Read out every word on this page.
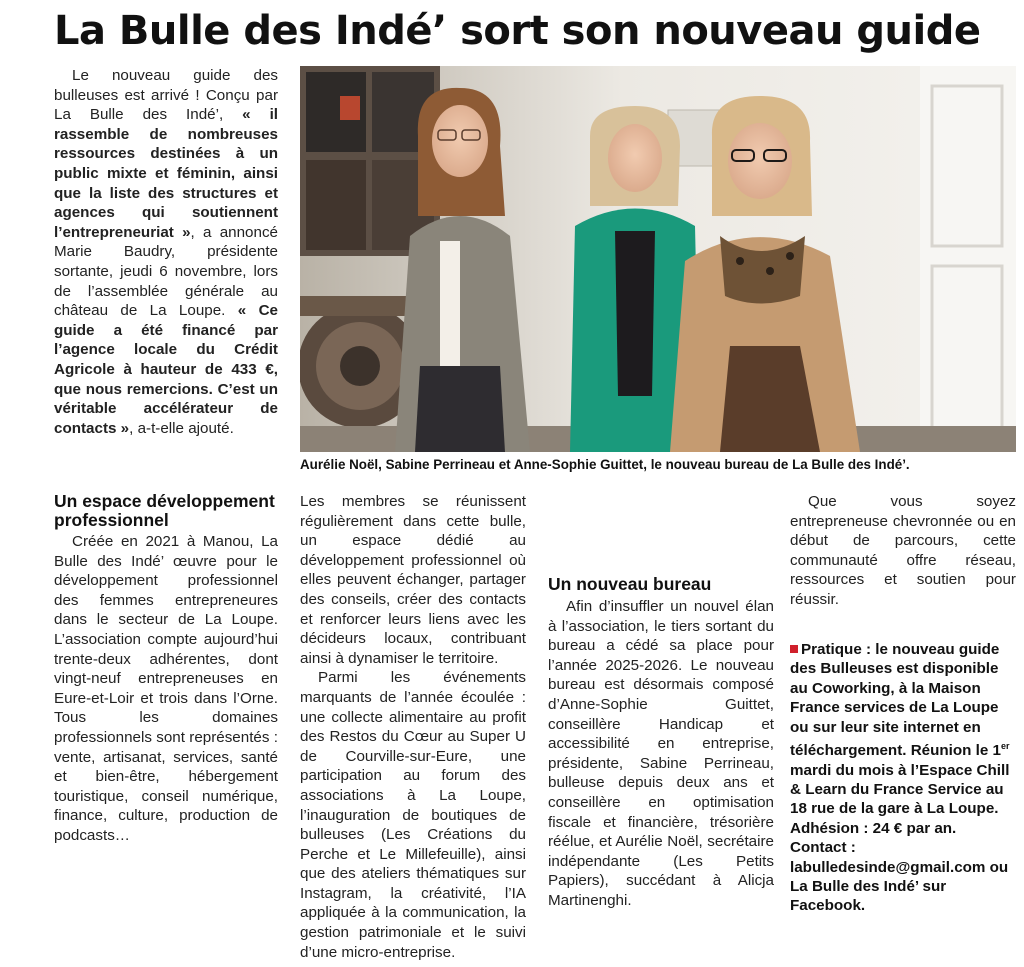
La Bulle des Indé’ sort son nouveau guide

Le nouveau guide des bulleuses est arrivé ! Conçu par La Bulle des Indé’, « il rassemble de nombreuses ressources destinées à un public mixte et féminin, ainsi que la liste des structures et agences qui soutiennent l’entrepreneuriat », a annoncé Marie Baudry, présidente sortante, jeudi 6 novembre, lors de l’assemblée générale au château de La Loupe. « Ce guide a été financé par l’agence locale du Crédit Agricole à hauteur de 433 €, que nous remercions. C’est un véritable accélérateur de contacts », a-t-elle ajouté.

Aurélie Noël, Sabine Perrineau et Anne-Sophie Guittet, le nouveau bureau de La Bulle des Indé’.
Un espace développement professionnel

Créée en 2021 à Manou, La Bulle des Indé’ œuvre pour le développement professionnel des femmes entrepreneures dans le secteur de La Loupe. L’association compte aujourd’hui trente-deux adhérentes, dont vingt-neuf entrepreneuses en Eure-et-Loir et trois dans l’Orne. Tous les domaines professionnels sont représentés : vente, artisanat, services, santé et bien-être, hébergement touristique, conseil numérique, finance, culture, production de podcasts…

Les membres se réunissent régulièrement dans cette bulle, un espace dédié au développement professionnel où elles peuvent échanger, partager des conseils, créer des contacts et renforcer leurs liens avec les décideurs locaux, contribuant ainsi à dynamiser le territoire.

Parmi les événements marquants de l’année écoulée : une collecte alimentaire au profit des Restos du Cœur au Super U de Courville-sur-Eure, une participation au forum des associations à La Loupe, l’inauguration de boutiques de bulleuses (Les Créations du Perche et Le Millefeuille), ainsi que des ateliers thématiques sur Instagram, la créativité, l’IA appliquée à la communication, la gestion patrimoniale et le suivi d’une micro-entreprise.

Un nouveau bureau

Afin d’insuffler un nouvel élan à l’association, le tiers sortant du bureau a cédé sa place pour l’année 2025-2026. Le nouveau bureau est désormais composé d’Anne-Sophie Guittet, conseillère Handicap et accessibilité en entreprise, présidente, Sabine Perrineau, bulleuse depuis deux ans et conseillère en optimisation fiscale et financière, trésorière réélue, et Aurélie Noël, secrétaire indépendante (Les Petits Papiers), succédant à Alicja Martinenghi.

Que vous soyez entrepreneuse chevronnée ou en début de parcours, cette communauté offre réseau, ressources et soutien pour réussir.

Pratique : le nouveau guide des Bulleuses est disponible au Coworking, à la Maison France services de La Loupe ou sur leur site internet en téléchargement. Réunion le 1er mardi du mois à l’Espace Chill & Learn du France Service au 18 rue de la gare à La Loupe. Adhésion : 24 € par an. Contact : labulledesinde@gmail.com ou La Bulle des Indé’ sur Facebook.
